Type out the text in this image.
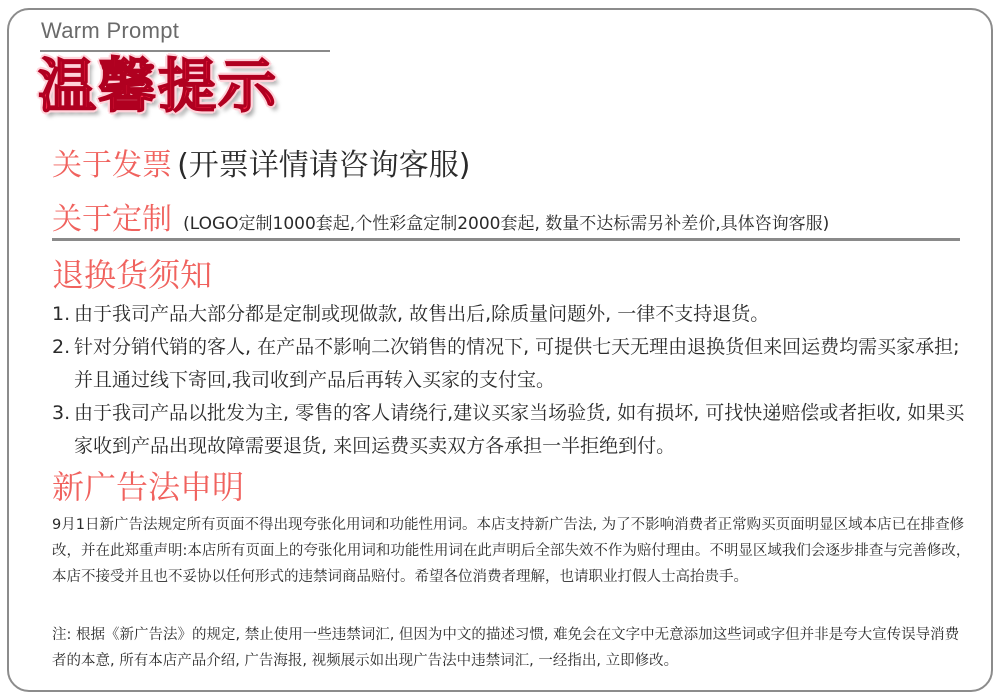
Warm Prompt
温馨提示
关于发票 (开票详情请咨询客服)
关于定制 (LOGO定制1000套起,个性彩盒定制2000套起, 数量不达标需另补差价,具体咨询客服)
退换货须知
1. 由于我司产品大部分都是定制或现做款, 故售出后,除质量问题外, 一律不支持退货。
2. 针对分销代销的客人, 在产品不影响二次销售的情况下, 可提供七天无理由退换货但来回运费均需买家承担; 并且通过线下寄回,我司收到产品后再转入买家的支付宝。
3. 由于我司产品以批发为主, 零售的客人请绕行,建议买家当场验货, 如有损坏, 可找快递赔偿或者拒收, 如果买家收到产品出现故障需要退货, 来回运费买卖双方各承担一半拒绝到付。
新广告法申明

9月1日新广告法规定所有页面不得出现夸张化用词和功能性用词。本店支持新广告法, 为了不影响消费者正常购买页面明显区域本店已在排查修改，并在此郑重声明:本店所有页面上的夸张化用词和功能性用词在此声明后全部失效不作为赔付理由。不明显区域我们会逐步排查与完善修改，本店不接受并且也不妥协以任何形式的违禁词商品赔付。希望各位消费者理解，也请职业打假人士高抬贵手。

注: 根据《新广告法》的规定, 禁止使用一些违禁词汇, 但因为中文的描述习惯, 难免会在文字中无意添加这些词或字但并非是夸大宣传误导消费者的本意, 所有本店产品介绍, 广告海报, 视频展示如出现广告法中违禁词汇, 一经指出, 立即修改。
